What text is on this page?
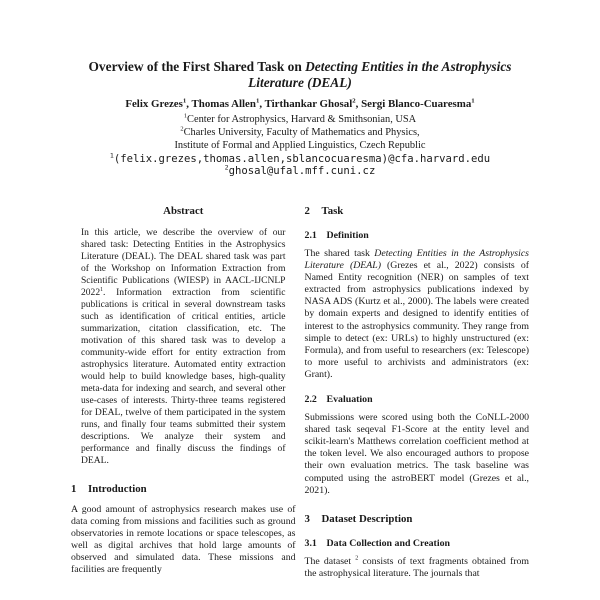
Overview of the First Shared Task on Detecting Entities in the Astrophysics Literature (DEAL)
Felix Grezes$^1$, Thomas Allen$^1$, Tirthankar Ghosal$^2$, Sergi Blanco-Cuaresma$^1$
$^1$Center for Astrophysics, Harvard & Smithsonian, USA
$^2$Charles University, Faculty of Mathematics and Physics,
Institute of Formal and Applied Linguistics, Czech Republic
$^1$(felix.grezes,thomas.allen,sblancocuaresma)@cfa.harvard.edu
$^2$ghosal@ufal.mff.cuni.cz
Abstract

In this article, we describe the overview of our shared task: Detecting Entities in the Astrophysics Literature (DEAL). The DEAL shared task was part of the Workshop on Information Extraction from Scientific Publications (WIESP) in AACL-IJCNLP 2022$^1$. Information extraction from scientific publications is critical in several downstream tasks such as identification of critical entities, article summarization, citation classification, etc. The motivation of this shared task was to develop a community-wide effort for entity extraction from astrophysics literature. Automated entity extraction would help to build knowledge bases, high-quality meta-data for indexing and search, and several other use-cases of interests. Thirty-three teams registered for DEAL, twelve of them participated in the system runs, and finally four teams submitted their system descriptions. We analyze their system and performance and finally discuss the findings of DEAL.

1 Introduction

A good amount of astrophysics research makes use of data coming from missions and facilities such as ground observatories in remote locations or space telescopes, as well as digital archives that hold large amounts of observed and simulated data. These missions and facilities are frequently

2 Task
2.1 Definition

The shared task Detecting Entities in the Astrophysics Literature (DEAL) (Grezes et al., 2022) consists of Named Entity recognition (NER) on samples of text extracted from astrophysics publications indexed by NASA ADS (Kurtz et al., 2000). The labels were created by domain experts and designed to identify entities of interest to the astrophysics community. They range from simple to detect (ex: URLs) to highly unstructured (ex: Formula), and from useful to researchers (ex: Telescope) to more useful to archivists and administrators (ex: Grant).

2.2 Evaluation

Submissions were scored using both the CoNLL-2000 shared task seqeval F1-Score at the entity level and scikit-learn's Matthews correlation coefficient method at the token level. We also encouraged authors to propose their own evaluation metrics. The task baseline was computed using the astroBERT model (Grezes et al., 2021).

3 Dataset Description
3.1 Data Collection and Creation

The dataset $^2$ consists of text fragments obtained from the astrophysical literature. The journals that
